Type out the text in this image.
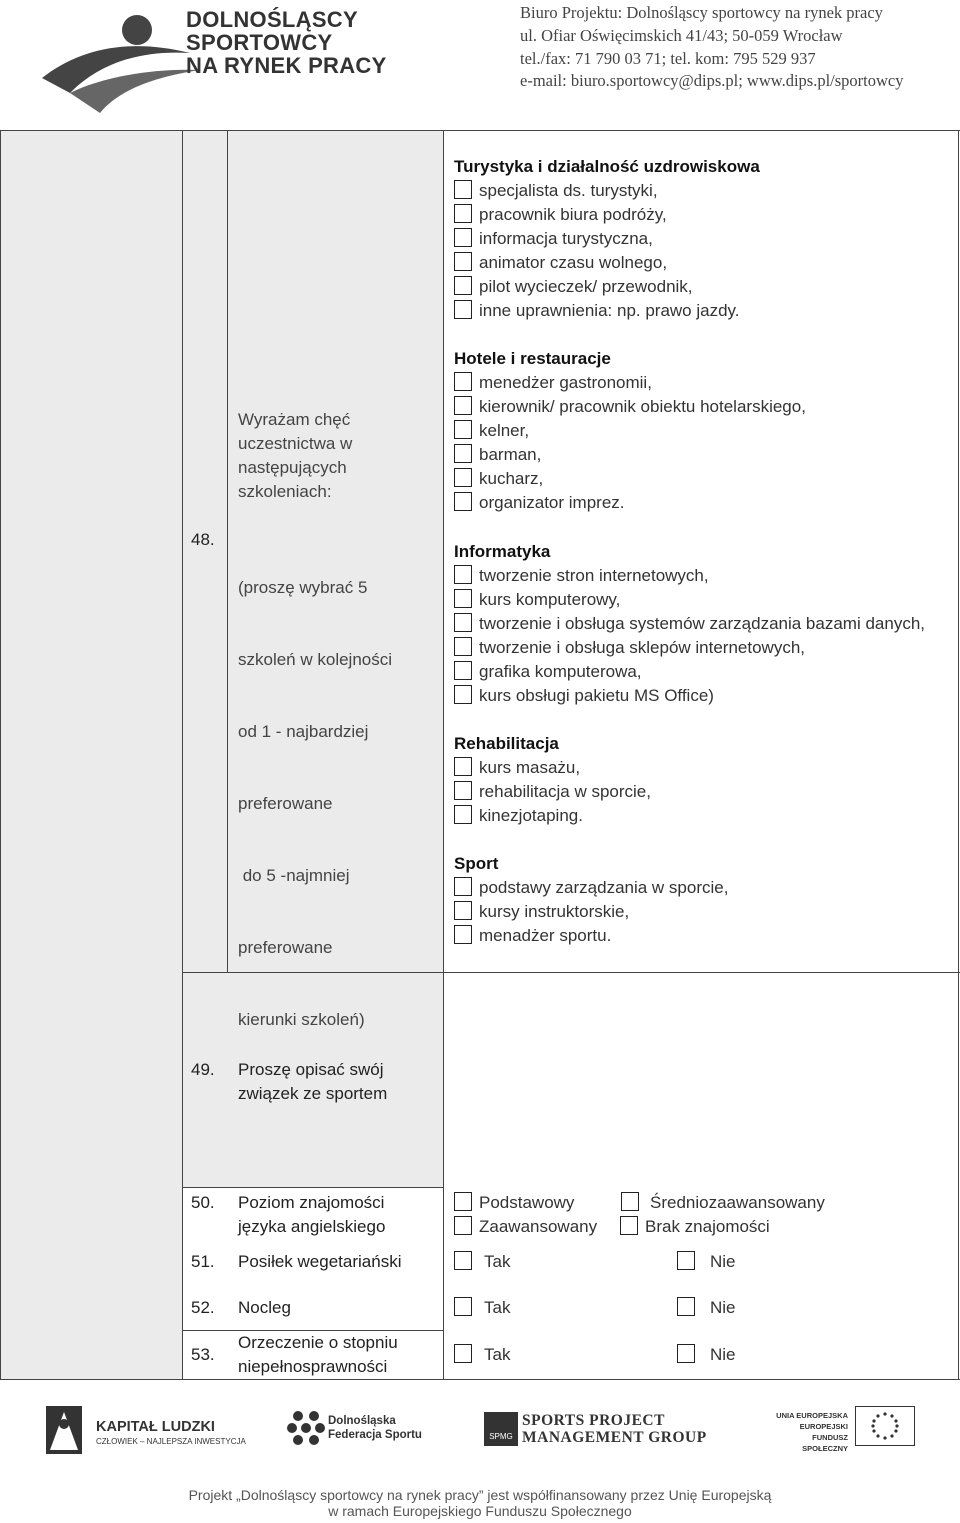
DOLNOŚLĄSCY
SPORTOWCY
NA RYNEK PRACY
Biuro Projektu: Dolnośląscy sportowcy na rynek pracy
ul. Ofiar Oświęcimskich 41/43; 50-059 Wrocław
tel./fax: 71 790 03 71; tel. kom: 795 529 937
e-mail: biuro.sportowcy@dips.pl; www.dips.pl/sportowcy
48.
Wyrażam chęć
uczestnictwa w
następujących
szkoleniach:

(proszę wybrać 5

szkoleń w kolejności

od 1 - najbardziej

preferowane

do 5 -najmniej

preferowane

kierunki szkoleń)

Turystyka i działalność uzdrowiskowa
specjalista ds. turystyki,
pracownik biura podróży,
informacja turystyczna,
animator czasu wolnego,
pilot wycieczek/ przewodnik,
inne uprawnienia: np. prawo jazdy.
Hotele i restauracje
menedżer gastronomii,
kierownik/ pracownik obiektu hotelarskiego,
kelner,
barman,
kucharz,
organizator imprez.
Informatyka
tworzenie stron internetowych,
kurs komputerowy,
tworzenie i obsługa systemów zarządzania bazami danych,
tworzenie i obsługa sklepów internetowych,
grafika komputerowa,
kurs obsługi pakietu MS Office)
Rehabilitacja
kurs masażu,
rehabilitacja w sporcie,
kinezjotaping.
Sport
podstawy zarządzania w sporcie,
kursy instruktorskie,
menadżer sportu.
49. Proszę opisać swój
związek ze sportem
50. Poziom znajomości
języka angielskiego
Podstawowy	Średniozaawansowany
Zaawansowany	Brak znajomości
51. Posiłek wegetariański	Tak	Nie
52. Nocleg	Tak	Nie
53.
Orzeczenie o stopniu
niepełnosprawności
Tak	Nie
KAPITAŁ LUDZKI
CZŁOWIEK – NAJLEPSZA INWESTYCJA
Dolnośląska
Federacja Sportu	SPMG
SPORTS PROJECT
MANAGEMENT GROUP
UNIA EUROPEJSKA
EUROPEJSKI
FUNDUSZ SPOŁECZNY
Projekt „Dolnośląscy sportowcy na rynek pracy” jest współfinansowany przez Unię Europejską
w ramach Europejskiego Funduszu Społecznego
